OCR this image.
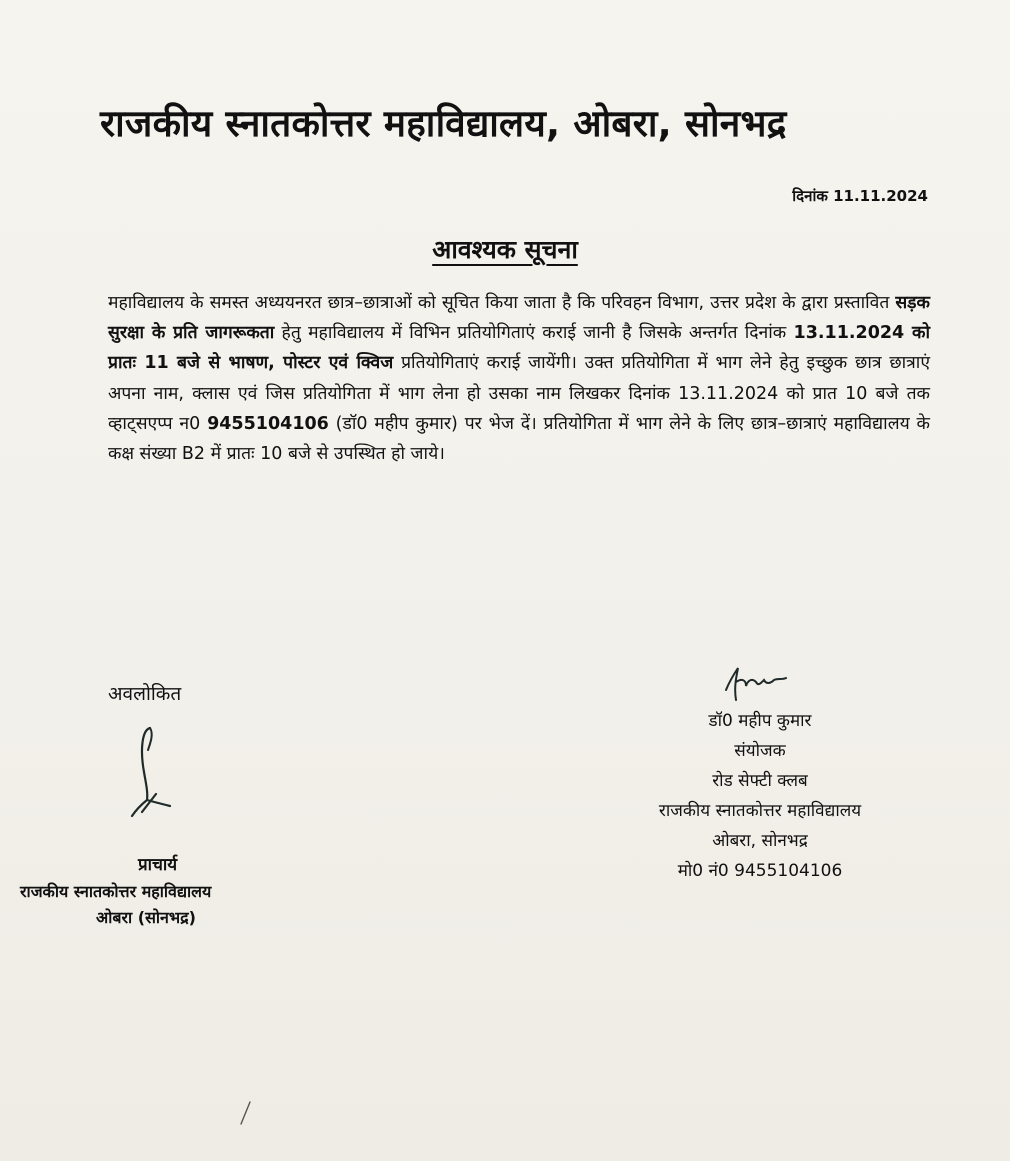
राजकीय स्नातकोत्तर महाविद्यालय, ओबरा, सोनभद्र
दिनांक 11.11.2024
आवश्यक सूचना
महाविद्यालय के समस्त अध्ययनरत छात्र–छात्राओं को सूचित किया जाता है कि परिवहन विभाग, उत्तर प्रदेश के द्वारा प्रस्तावित सड़क सुरक्षा के प्रति जागरूकता हेतु महाविद्यालय में विभिन प्रतियोगिताएं कराई जानी है जिसके अन्तर्गत दिनांक 13.11.2024 को प्रातः 11 बजे से भाषण, पोस्टर एवं क्विज प्रतियोगिताएं कराई जायेंगी। उक्त प्रतियोगिता में भाग लेने हेतु इच्छुक छात्र छात्राएं अपना नाम, क्लास एवं जिस प्रतियोगिता में भाग लेना हो उसका नाम लिखकर दिनांक 13.11.2024 को प्रात 10 बजे तक व्हाट्सएप्प न0 9455104106 (डॉ0 महीप कुमार) पर भेज दें। प्रतियोगिता में भाग लेने के लिए छात्र–छात्राएं महाविद्यालय के कक्ष संख्या B2 में प्रातः 10 बजे से उपस्थित हो जाये।
अवलोकित
प्राचार्य
राजकीय स्नातकोत्तर महाविद्यालय
ओबरा (सोनभद्र)
डॉ0 महीप कुमार
संयोजक
रोड सेफ्टी क्लब
राजकीय स्नातकोत्तर महाविद्यालय
ओबरा, सोनभद्र
मो0 नं0 9455104106
